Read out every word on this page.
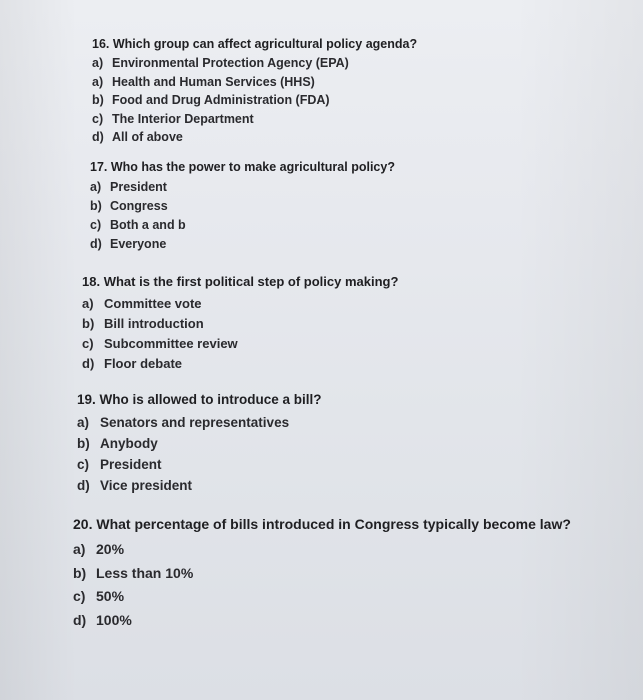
16. Which group can affect agricultural policy agenda?

a) Environmental Protection Agency (EPA)
a) Health and Human Services (HHS)
b) Food and Drug Administration (FDA)
c) The Interior Department
d) All of above

17. Who has the power to make agricultural policy?

a) President
b) Congress
c) Both a and b
d) Everyone

18. What is the first political step of policy making?

a) Committee vote
b) Bill introduction
c) Subcommittee review
d) Floor debate

19. Who is allowed to introduce a bill?

a) Senators and representatives
b) Anybody
c) President
d) Vice president

20. What percentage of bills introduced in Congress typically become law?

a) 20%
b) Less than 10%
c) 50%
d) 100%
